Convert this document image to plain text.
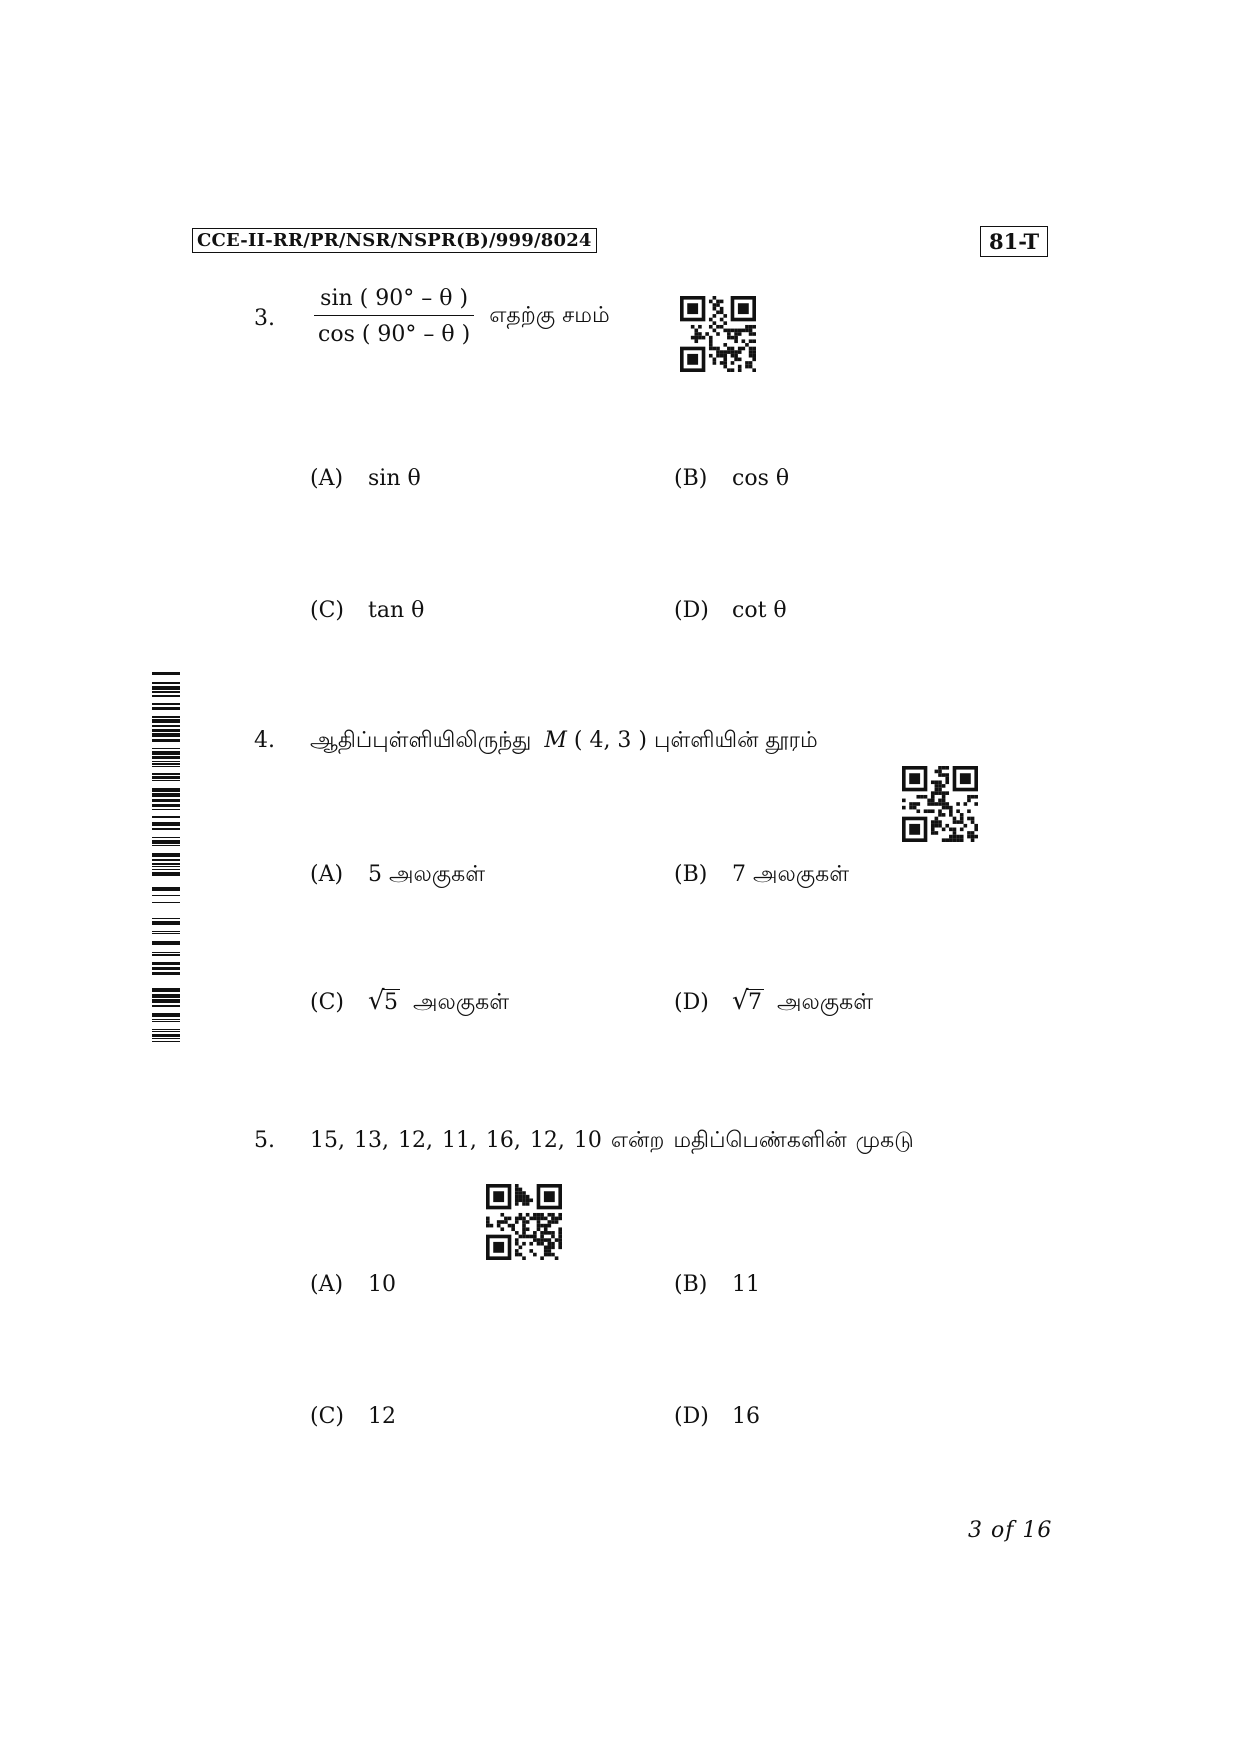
CCE-II-RR/PR/NSR/NSPR(B)/999/8024	81-T
3. $\frac{\sin ( 90^\circ - \theta )}{\cos ( 90^\circ - \theta )}$ எதற்கு சமம்
(A) sin θ	(B) cos θ
(C) tan θ	(D) cot θ
4. ஆதிப்புள்ளியிலிருந்து M ( 4, 3 ) புள்ளியின் தூரம்
(A) 5 அலகுகள்	(B) 7 அலகுகள்
(C) √ 5 அலகுகள்	(D) √ 7 அலகுகள்
5. 15, 13, 12, 11, 16, 12, 10 என்ற மதிப்பெண்களின் முகடு
(A) 10	(B) 11
(C) 12	(D) 16
3 of 16
